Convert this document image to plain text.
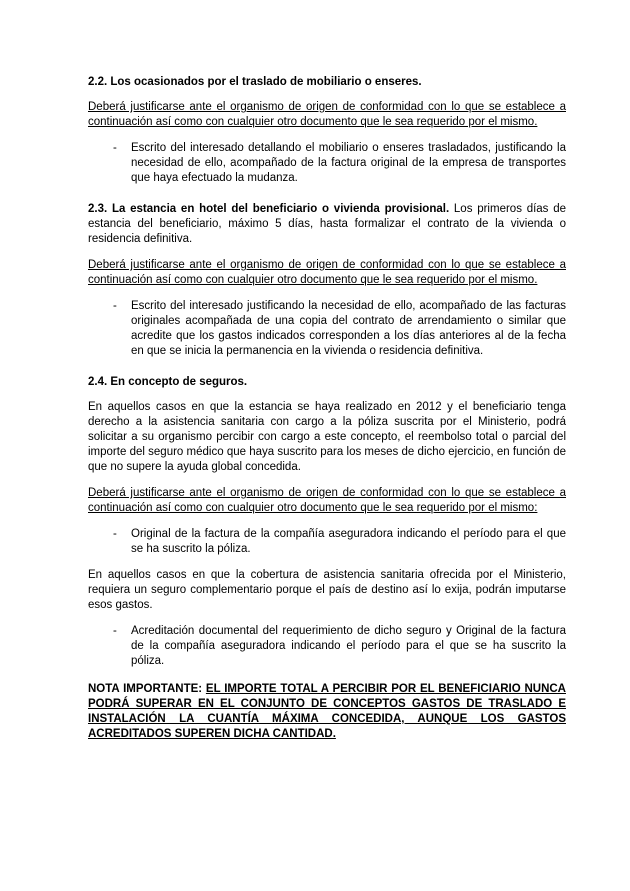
2.2. Los ocasionados por el traslado de mobiliario o enseres.

Deberá justificarse ante el organismo de origen de conformidad con lo que se establece a continuación así como con cualquier otro documento que le sea requerido por el mismo.

-	Escrito del interesado detallando el mobiliario o enseres trasladados, justificando la necesidad de ello, acompañado de la factura original de la empresa de transportes que haya efectuado la mudanza.

2.3. La estancia en hotel del beneficiario o vivienda provisional. Los primeros días de estancia del beneficiario, máximo 5 días, hasta formalizar el contrato de la vivienda o residencia definitiva.

Deberá justificarse ante el organismo de origen de conformidad con lo que se establece a continuación así como con cualquier otro documento que le sea requerido por el mismo.

-	Escrito del interesado justificando la necesidad de ello, acompañado de las facturas originales acompañada de una copia del contrato de arrendamiento o similar que acredite que los gastos indicados corresponden a los días anteriores al de la fecha en que se inicia la permanencia en la vivienda o residencia definitiva.

2.4. En concepto de seguros.

En aquellos casos en que la estancia se haya realizado en 2012 y el beneficiario tenga derecho a la asistencia sanitaria con cargo a la póliza suscrita por el Ministerio, podrá solicitar a su organismo percibir con cargo a este concepto, el reembolso total o parcial del importe del seguro médico que haya suscrito para los meses de dicho ejercicio, en función de que no supere la ayuda global concedida.

Deberá justificarse ante el organismo de origen de conformidad con lo que se establece a continuación así como con cualquier otro documento que le sea requerido por el mismo:

-	Original de la factura de la compañía aseguradora indicando el período para el que se ha suscrito la póliza.

En aquellos casos en que la cobertura de asistencia sanitaria ofrecida por el Ministerio, requiera un seguro complementario porque el país de destino así lo exija, podrán imputarse esos gastos.

-	Acreditación documental del requerimiento de dicho seguro y Original de la factura de la compañía aseguradora indicando el período para el que se ha suscrito la póliza.

NOTA IMPORTANTE: EL IMPORTE TOTAL A PERCIBIR POR EL BENEFICIARIO NUNCA PODRÁ SUPERAR EN EL CONJUNTO DE CONCEPTOS GASTOS DE TRASLADO E INSTALACIÓN LA CUANTÍA MÁXIMA CONCEDIDA, AUNQUE LOS GASTOS ACREDITADOS SUPEREN DICHA CANTIDAD.
